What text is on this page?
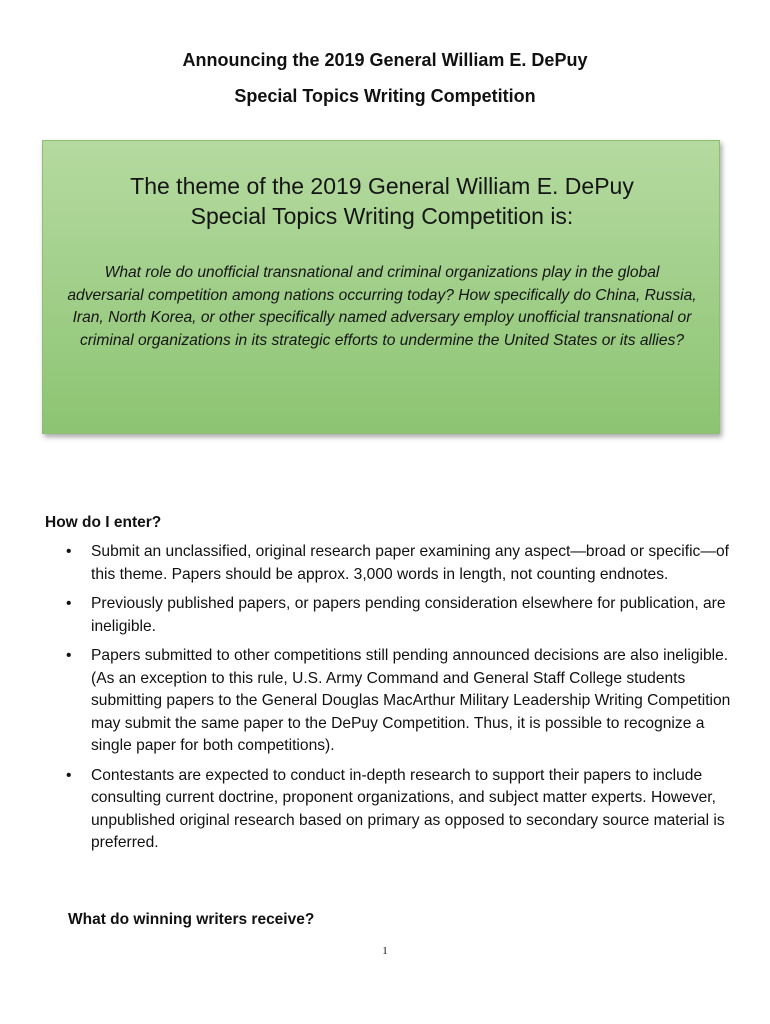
Announcing the 2019 General William E. DePuy
Special Topics Writing Competition
The theme of the 2019 General William E. DePuy
Special Topics Writing Competition is:
What role do unofficial transnational and criminal organizations play in the global adversarial competition among nations occurring today? How specifically do China, Russia, Iran, North Korea, or other specifically named adversary employ unofficial transnational or criminal organizations in its strategic efforts to undermine the United States or its allies?
How do I enter?
• Submit an unclassified, original research paper examining any aspect—broad or specific—of this theme. Papers should be approx. 3,000 words in length, not counting endnotes.
• Previously published papers, or papers pending consideration elsewhere for publication, are ineligible.
• Papers submitted to other competitions still pending announced decisions are also ineligible. (As an exception to this rule, U.S. Army Command and General Staff College students submitting papers to the General Douglas MacArthur Military Leadership Writing Competition may submit the same paper to the DePuy Competition. Thus, it is possible to recognize a single paper for both competitions).
• Contestants are expected to conduct in-depth research to support their papers to include consulting current doctrine, proponent organizations, and subject matter experts. However, unpublished original research based on primary as opposed to secondary source material is preferred.
What do winning writers receive?
1
